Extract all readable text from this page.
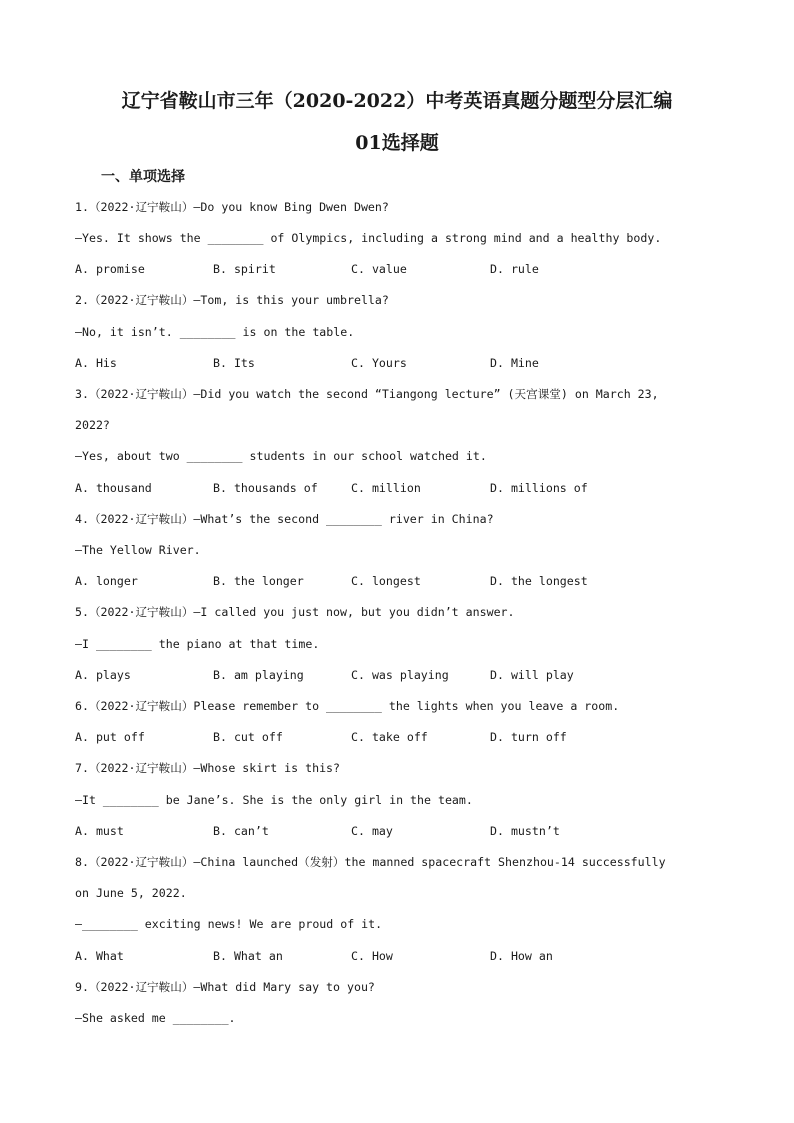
辽宁省鞍山市三年（2020-2022）中考英语真题分题型分层汇编
01选择题
一、单项选择
1.（2022·辽宁鞍山）—Do you know Bing Dwen Dwen?
—Yes. It shows the ________ of Olympics, including a strong mind and a healthy body.
A. promise	B. spirit	C. value	D. rule
2.（2022·辽宁鞍山）—Tom, is this your umbrella?
—No, it isn’t. ________ is on the table.
A. His	B. Its	C. Yours	D. Mine
3.（2022·辽宁鞍山）—Did you watch the second “Tiangong lecture” (天宫课堂) on March 23,
2022?
—Yes, about two ________ students in our school watched it.
A. thousand	B. thousands of	C. million	D. millions of
4.（2022·辽宁鞍山）—What’s the second ________ river in China?
—The Yellow River.
A. longer	B. the longer	C. longest	D. the longest
5.（2022·辽宁鞍山）—I called you just now, but you didn’t answer.
—I ________ the piano at that time.
A. plays	B. am playing	C. was playing	D. will play
6.（2022·辽宁鞍山）Please remember to ________ the lights when you leave a room.
A. put off	B. cut off	C. take off	D. turn off
7.（2022·辽宁鞍山）—Whose skirt is this?
—It ________ be Jane’s. She is the only girl in the team.
A. must	B. can’t	C. may	D. mustn’t
8.（2022·辽宁鞍山）—China launched（发射）the manned spacecraft Shenzhou-14 successfully
on June 5, 2022.
—________ exciting news! We are proud of it.
A. What	B. What an	C. How	D. How an
9.（2022·辽宁鞍山）—What did Mary say to you?
—She asked me ________.
